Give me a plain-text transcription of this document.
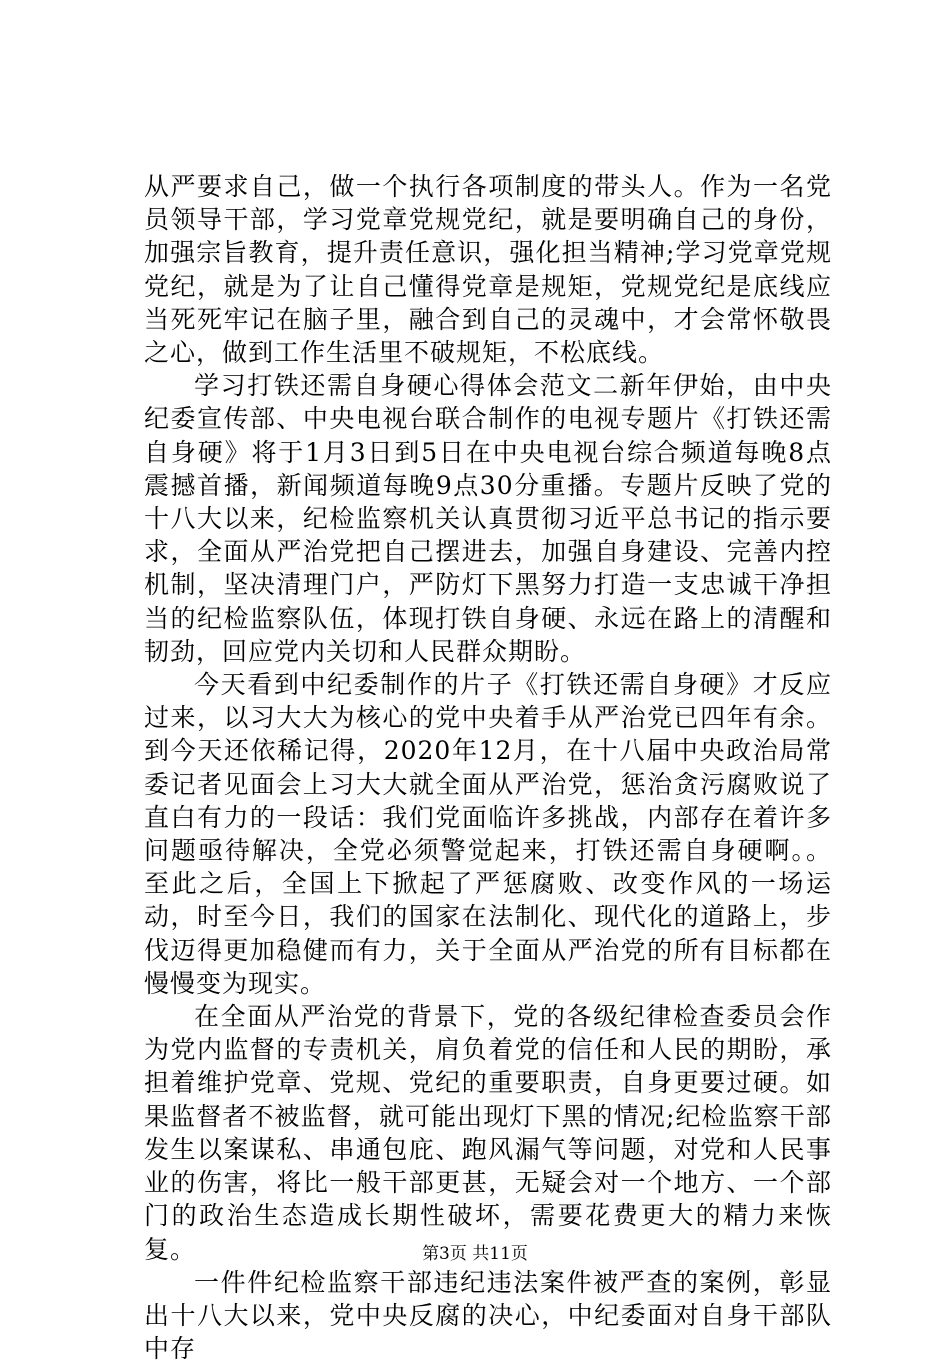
从严要求自己，做一个执行各项制度的带头人。作为一名党员领导干部，学习党章党规党纪，就是要明确自己的身份，加强宗旨教育，提升责任意识，强化担当精神;学习党章党规党纪，就是为了让自己懂得党章是规矩，党规党纪是底线应当死死牢记在脑子里，融合到自己的灵魂中，才会常怀敬畏之心，做到工作生活里不破规矩，不松底线。

学习打铁还需自身硬心得体会范文二新年伊始，由中央纪委宣传部、中央电视台联合制作的电视专题片《打铁还需自身硬》将于1月3日到5日在中央电视台综合频道每晚8点震撼首播，新闻频道每晚9点30分重播。专题片反映了党的十八大以来，纪检监察机关认真贯彻习近平总书记的指示要求，全面从严治党把自己摆进去，加强自身建设、完善内控机制，坚决清理门户，严防灯下黑努力打造一支忠诚干净担当的纪检监察队伍，体现打铁自身硬、永远在路上的清醒和韧劲，回应党内关切和人民群众期盼。

今天看到中纪委制作的片子《打铁还需自身硬》才反应过来，以习大大为核心的党中央着手从严治党已四年有余。到今天还依稀记得，2020年12月，在十八届中央政治局常委记者见面会上习大大就全面从严治党，惩治贪污腐败说了直白有力的一段话：我们党面临许多挑战，内部存在着许多问题亟待解决，全党必须警觉起来，打铁还需自身硬啊。。至此之后，全国上下掀起了严惩腐败、改变作风的一场运动，时至今日，我们的国家在法制化、现代化的道路上，步伐迈得更加稳健而有力，关于全面从严治党的所有目标都在慢慢变为现实。

在全面从严治党的背景下，党的各级纪律检查委员会作为党内监督的专责机关，肩负着党的信任和人民的期盼，承担着维护党章、党规、党纪的重要职责，自身更要过硬。如果监督者不被监督，就可能出现灯下黑的情况;纪检监察干部发生以案谋私、串通包庇、跑风漏气等问题，对党和人民事业的伤害，将比一般干部更甚，无疑会对一个地方、一个部门的政治生态造成长期性破坏，需要花费更大的精力来恢复。

一件件纪检监察干部违纪违法案件被严查的案例，彰显出十八大以来，党中央反腐的决心，中纪委面对自身干部队中存

第3页 共11页
